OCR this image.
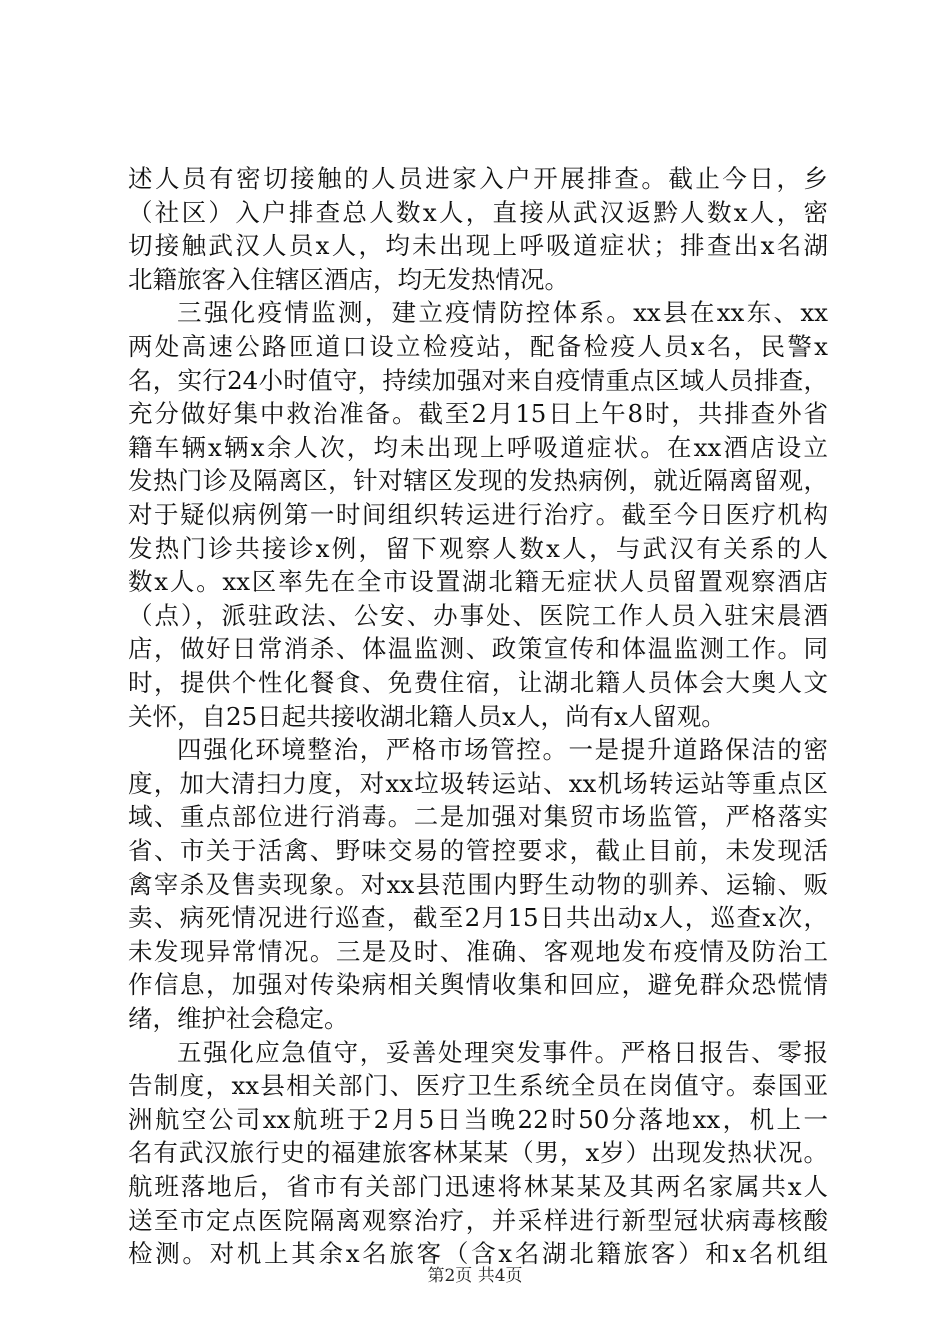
述人员有密切接触的人员进家入户开展排查。截止今日，乡
（社区）入户排查总人数x人，直接从武汉返黔人数x人，密
切接触武汉人员x人，均未出现上呼吸道症状；排查出x名湖
北籍旅客入住辖区酒店，均无发热情况。
三强化疫情监测，建立疫情防控体系。xx县在xx东、xx
两处高速公路匝道口设立检疫站，配备检疫人员x名，民警x
名，实行24小时值守，持续加强对来自疫情重点区域人员排查，
充分做好集中救治准备。截至2月15日上午8时，共排查外省
籍车辆x辆x余人次，均未出现上呼吸道症状。在xx酒店设立
发热门诊及隔离区，针对辖区发现的发热病例，就近隔离留观，
对于疑似病例第一时间组织转运进行治疗。截至今日医疗机构
发热门诊共接诊x例，留下观察人数x人，与武汉有关系的人
数x人。xx区率先在全市设置湖北籍无症状人员留置观察酒店
（点），派驻政法、公安、办事处、医院工作人员入驻宋晨酒
店，做好日常消杀、体温监测、政策宣传和体温监测工作。同
时，提供个性化餐食、免费住宿，让湖北籍人员体会大奥人文
关怀，自25日起共接收湖北籍人员x人，尚有x人留观。
四强化环境整治，严格市场管控。一是提升道路保洁的密
度，加大清扫力度，对xx垃圾转运站、xx机场转运站等重点区
域、重点部位进行消毒。二是加强对集贸市场监管，严格落实
省、市关于活禽、野味交易的管控要求，截止目前，未发现活
禽宰杀及售卖现象。对xx县范围内野生动物的驯养、运输、贩
卖、病死情况进行巡查，截至2月15日共出动x人，巡查x次，
未发现异常情况。三是及时、准确、客观地发布疫情及防治工
作信息，加强对传染病相关舆情收集和回应，避免群众恐慌情
绪，维护社会稳定。
五强化应急值守，妥善处理突发事件。严格日报告、零报
告制度，xx县相关部门、医疗卫生系统全员在岗值守。泰国亚
洲航空公司xx航班于2月5日当晚22时50分落地xx，机上一
名有武汉旅行史的福建旅客林某某（男，x岁）出现发热状况。
航班落地后，省市有关部门迅速将林某某及其两名家属共x人
送至市定点医院隔离观察治疗，并采样进行新型冠状病毒核酸
检测。对机上其余x名旅客（含x名湖北籍旅客）和x名机组
第2页 共4页
